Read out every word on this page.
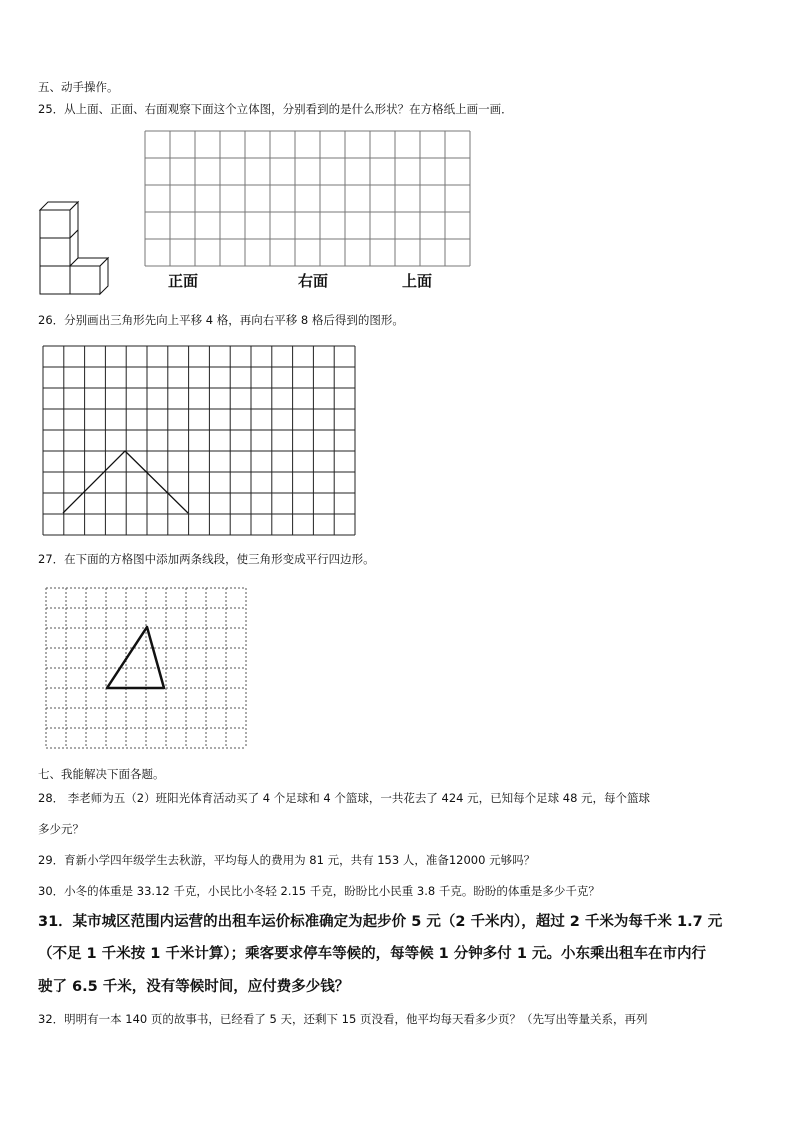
五、动手操作。
25．从上面、正面、右面观察下面这个立体图，分别看到的是什么形状？在方格纸上画一画．
正面	右面	上面
26．分别画出三角形先向上平移 4 格，再向右平移 8 格后得到的图形。
27．在下面的方格图中添加两条线段，使三角形变成平行四边形。
七、我能解决下面各题。
28． 李老师为五（2）班阳光体育活动买了 4 个足球和 4 个篮球，一共花去了 424 元，已知每个足球 48 元，每个篮球
多少元？
29．育新小学四年级学生去秋游，平均每人的费用为 81 元，共有 153 人，准备12000 元够吗？
30．小冬的体重是 33.12 千克，小民比小冬轻 2.15 千克，盼盼比小民重 3.8 千克。盼盼的体重是多少千克？
31．某市城区范围内运营的出租车运价标准确定为起步价 5 元（2 千米内），超过 2 千米为每千米 1.7 元
（不足 1 千米按 1 千米计算）；乘客要求停车等候的，每等候 1 分钟多付 1 元。小东乘出租车在市内行
驶了 6.5 千米，没有等候时间，应付费多少钱？
32．明明有一本 140 页的故事书，已经看了 5 天，还剩下 15 页没看，他平均每天看多少页？（先写出等量关系，再列
